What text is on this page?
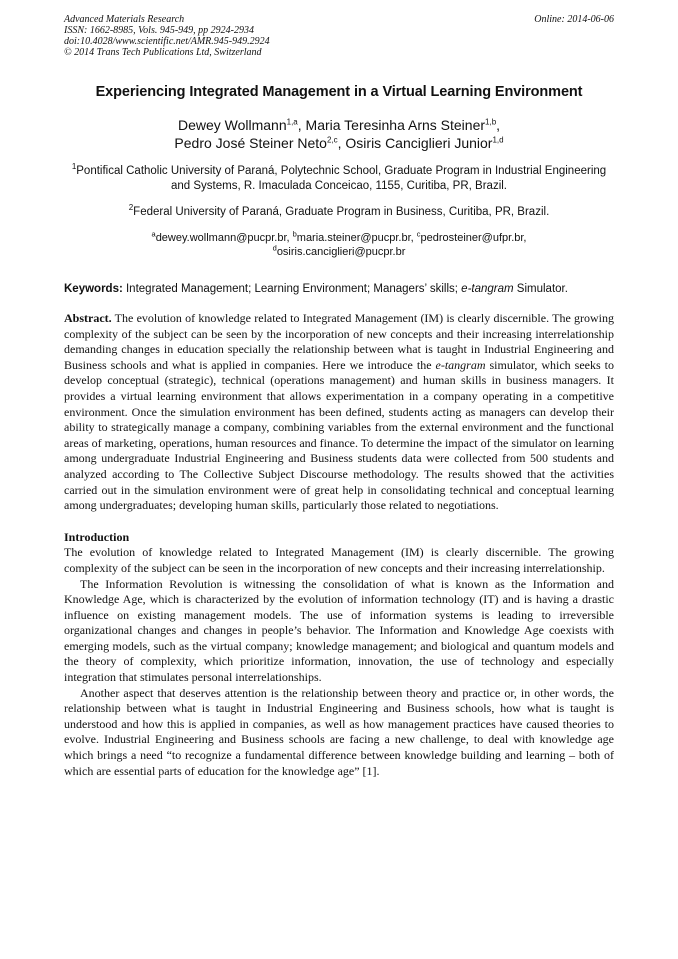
Advanced Materials Research
ISSN: 1662-8985, Vols. 945-949, pp 2924-2934
doi:10.4028/www.scientific.net/AMR.945-949.2924
© 2014 Trans Tech Publications Ltd, Switzerland
Online: 2014-06-06
Experiencing Integrated Management in a Virtual Learning Environment
Dewey Wollmann$^{1,a}$, Maria Teresinha Arns Steiner$^{1,b}$,
Pedro José Steiner Neto$^{2,c}$, Osiris Canciglieri Junior$^{1,d}$
$^1$Pontifical Catholic University of Paraná, Polytechnic School, Graduate Program in Industrial Engineering and Systems, R. Imaculada Conceicao, 1155, Curitiba, PR, Brazil.
$^2$Federal University of Paraná, Graduate Program in Business, Curitiba, PR, Brazil.
$^a$dewey.wollmann@pucpr.br, $^b$maria.steiner@pucpr.br, $^c$pedrosteiner@ufpr.br,
$^d$osiris.canciglieri@pucpr.br
Keywords: Integrated Management; Learning Environment; Managers’ skills; e-tangram Simulator.
Abstract. The evolution of knowledge related to Integrated Management (IM) is clearly discernible. The growing complexity of the subject can be seen by the incorporation of new concepts and their increasing interrelationship demanding changes in education specially the relationship between what is taught in Industrial Engineering and Business schools and what is applied in companies. Here we introduce the e-tangram simulator, which seeks to develop conceptual (strategic), technical (operations management) and human skills in business managers. It provides a virtual learning environment that allows experimentation in a company operating in a competitive environment. Once the simulation environment has been defined, students acting as managers can develop their ability to strategically manage a company, combining variables from the external environment and the functional areas of marketing, operations, human resources and finance. To determine the impact of the simulator on learning among undergraduate Industrial Engineering and Business students data were collected from 500 students and analyzed according to The Collective Subject Discourse methodology. The results showed that the activities carried out in the simulation environment were of great help in consolidating technical and conceptual learning among undergraduates; developing human skills, particularly those related to negotiations.
Introduction
The evolution of knowledge related to Integrated Management (IM) is clearly discernible. The growing complexity of the subject can be seen in the incorporation of new concepts and their increasing interrelationship.
The Information Revolution is witnessing the consolidation of what is known as the Information and Knowledge Age, which is characterized by the evolution of information technology (IT) and is having a drastic influence on existing management models. The use of information systems is leading to irreversible organizational changes and changes in people’s behavior. The Information and Knowledge Age coexists with emerging models, such as the virtual company; knowledge management; and biological and quantum models and the theory of complexity, which prioritize information, innovation, the use of technology and especially integration that stimulates personal interrelationships.
Another aspect that deserves attention is the relationship between theory and practice or, in other words, the relationship between what is taught in Industrial Engineering and Business schools, how what is taught is understood and how this is applied in companies, as well as how management practices have caused theories to evolve. Industrial Engineering and Business schools are facing a new challenge, to deal with knowledge age which brings a need “to recognize a fundamental difference between knowledge building and learning – both of which are essential parts of education for the knowledge age” [1].
